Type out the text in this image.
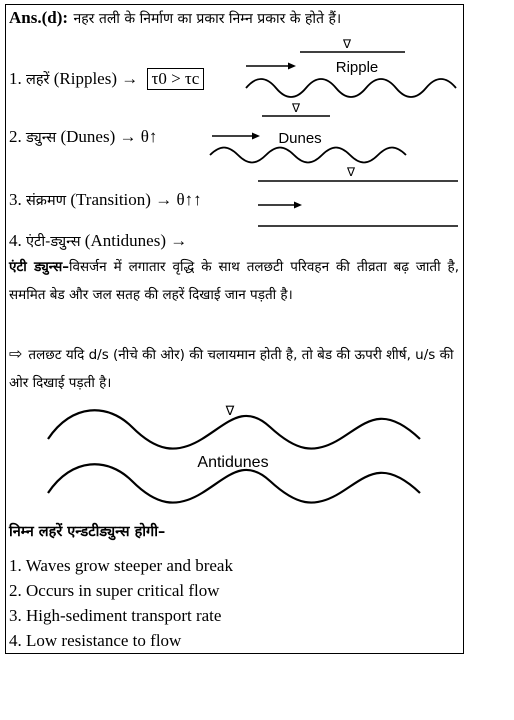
Ans.(d): नहर तली के निर्माण का प्रकार निम्न प्रकार के होते हैं।
1. लहरें (Ripples) → τ0 > τc
2. ड्युन्स (Dunes) → θ↑
3. संक्रमण (Transition) → θ↑↑
4. एंटी-ड्युन्स (Antidunes) →
∇
Ripple
∇
Dunes
∇
एंटी ड्युन्स–विसर्जन में लगातार वृद्धि के साथ तलछटी परिवहन की तीव्रता बढ़ जाती है, सममित बेड और जल सतह की लहरें दिखाई जान पड़ती है।
⇨ तलछट यदि d/s (नीचे की ओर) की चलायमान होती है, तो बेड की ऊपरी शीर्ष, u/s की ओर दिखाई पड़ती है।
∇
Antidunes
निम्न लहरें एन्डटीड्युन्स होगी–
1. Waves grow steeper and break
2. Occurs in super critical flow
3. High-sediment transport rate
4. Low resistance to flow
